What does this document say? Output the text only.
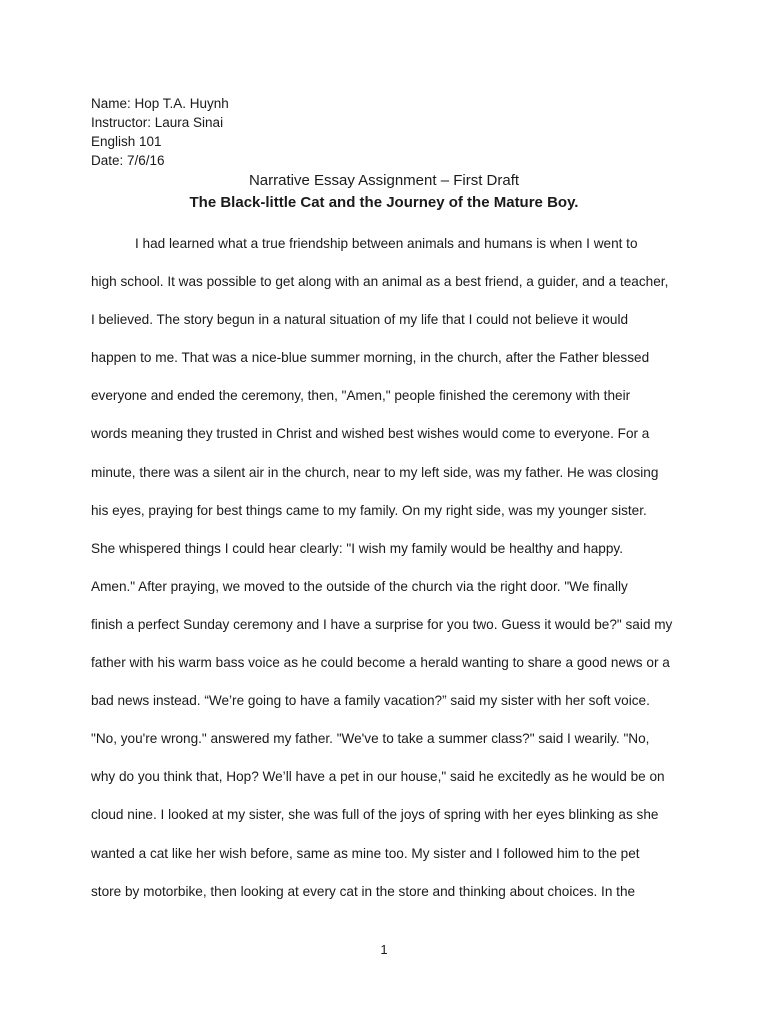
Name: Hop T.A. Huynh
Instructor: Laura Sinai
English 101
Date: 7/6/16
Narrative Essay Assignment – First Draft
The Black-little Cat and the Journey of the Mature Boy.
I had learned what a true friendship between animals and humans is when I went to
high school. It was possible to get along with an animal as a best friend, a guider, and a teacher,
I believed. The story begun in a natural situation of my life that I could not believe it would
happen to me. That was a nice-blue summer morning, in the church, after the Father blessed
everyone and ended the ceremony, then, "Amen," people finished the ceremony with their
words meaning they trusted in Christ and wished best wishes would come to everyone. For a
minute, there was a silent air in the church, near to my left side, was my father. He was closing
his eyes, praying for best things came to my family. On my right side, was my younger sister.
She whispered things I could hear clearly: "I wish my family would be healthy and happy.
Amen." After praying, we moved to the outside of the church via the right door. "We finally
finish a perfect Sunday ceremony and I have a surprise for you two. Guess it would be?" said my
father with his warm bass voice as he could become a herald wanting to share a good news or a
bad news instead. “We’re going to have a family vacation?” said my sister with her soft voice.
"No, you're wrong." answered my father. "We've to take a summer class?" said I wearily. "No,
why do you think that, Hop? We’ll have a pet in our house," said he excitedly as he would be on
cloud nine. I looked at my sister, she was full of the joys of spring with her eyes blinking as she
wanted a cat like her wish before, same as mine too. My sister and I followed him to the pet
store by motorbike, then looking at every cat in the store and thinking about choices. In the
1
